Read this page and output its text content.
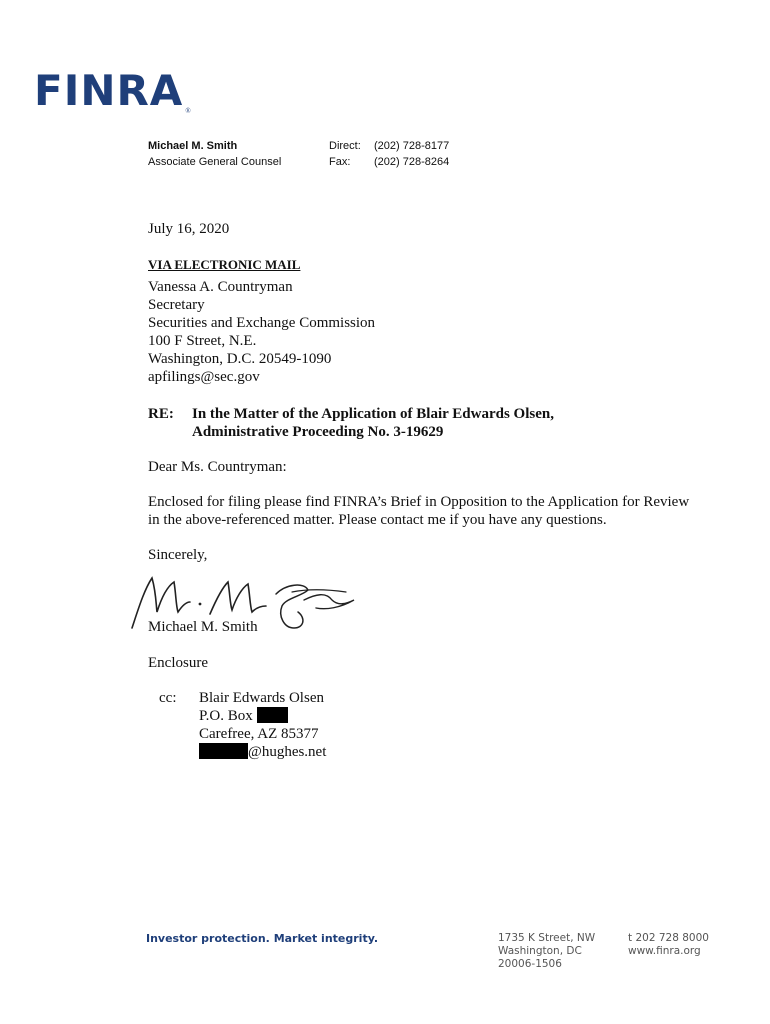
FINRA ®
Michael M. Smith
Associate General Counsel
Direct: (202) 728-8177
Fax: (202) 728-8264
July 16, 2020
VIA ELECTRONIC MAIL
Vanessa A. Countryman
Secretary
Securities and Exchange Commission
100 F Street, N.E.
Washington, D.C. 20549-1090
apfilings@sec.gov
RE: In the Matter of the Application of Blair Edwards Olsen,
Administrative Proceeding No. 3-19629
Dear Ms. Countryman:
Enclosed for filing please find FINRA’s Brief in Opposition to the Application for Review
in the above-referenced matter. Please contact me if you have any questions.
Sincerely,
Michael M. Smith
Enclosure
cc: Blair Edwards Olsen
P.O. Box
Carefree, AZ 85377
@hughes.net
Investor protection. Market integrity.	1735 K Street, NW
Washington, DC
20006-1506
t 202 728 8000
www.finra.org
